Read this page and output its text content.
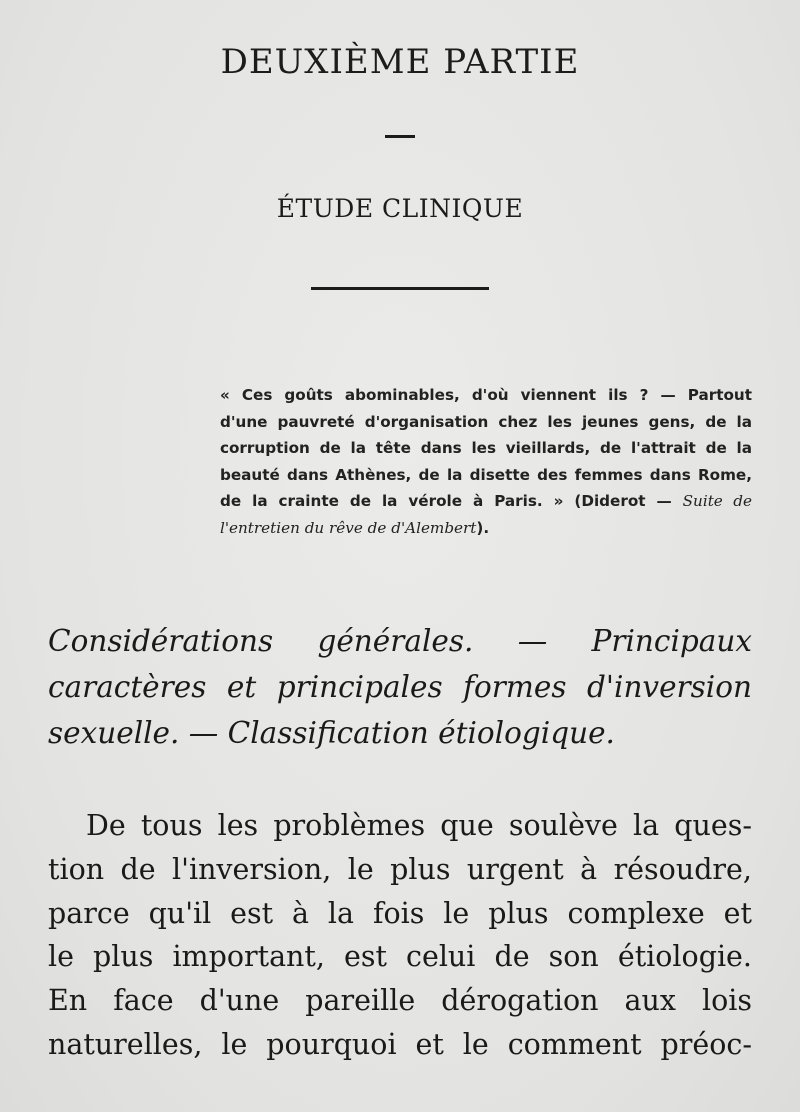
DEUXIÈME PARTIE
ÉTUDE CLINIQUE
« Ces goûts abominables, d'où viennent ils ? — Partout
d'une pauvreté d'organisation chez les jeunes gens, de la
corruption de la tête dans les vieillards, de l'attrait de la
beauté dans Athènes, de la disette des femmes dans Rome,
de la crainte de la vérole à Paris. » (Diderot — Suite de
l'entretien du rêve de d'Alembert).
Considérations générales. — Principaux
caractères et principales formes d'inversion
sexuelle. — Classification étiologique.
De tous les problèmes que soulève la ques-
tion de l'inversion, le plus urgent à résoudre,
parce qu'il est à la fois le plus complexe et
le plus important, est celui de son étiologie.
En face d'une pareille dérogation aux lois
naturelles, le pourquoi et le comment préoc-
